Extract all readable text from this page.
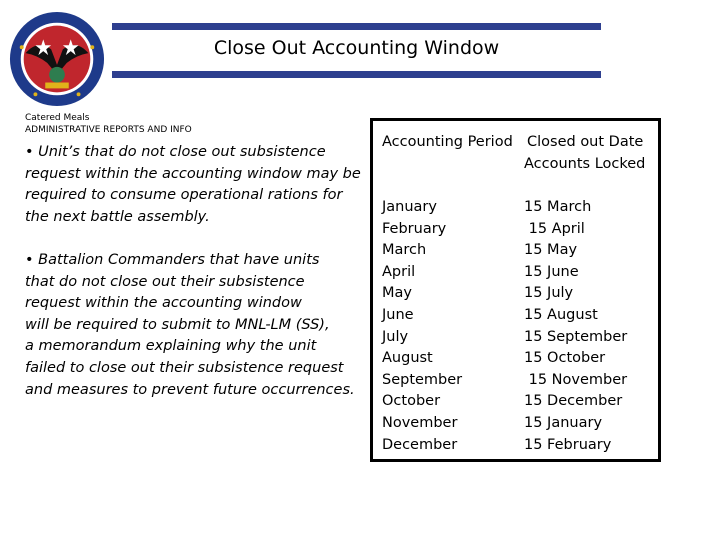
Close Out Accounting Window
Catered Meals
ADMINISTRATIVE REPORTS AND INFO

• Unit’s that do not close out subsistence
request within the accounting window may be
required to consume operational rations for
the next battle assembly.

• Battalion Commanders that have units
that do not close out their subsistence
request within the accounting window
will be required to submit to MNL-LM (SS),
a memorandum explaining why the unit
failed to close out their subsistence request
and measures to prevent future occurrences.

Accounting Period Closed out Date
Accounts Locked
January
February
March
April
May
June
July
August
September
October
November
December
15 March
15 April
15 May
15 June
15 July
15 August
15 September
15 October
15 November
15 December
15 January
15 February
